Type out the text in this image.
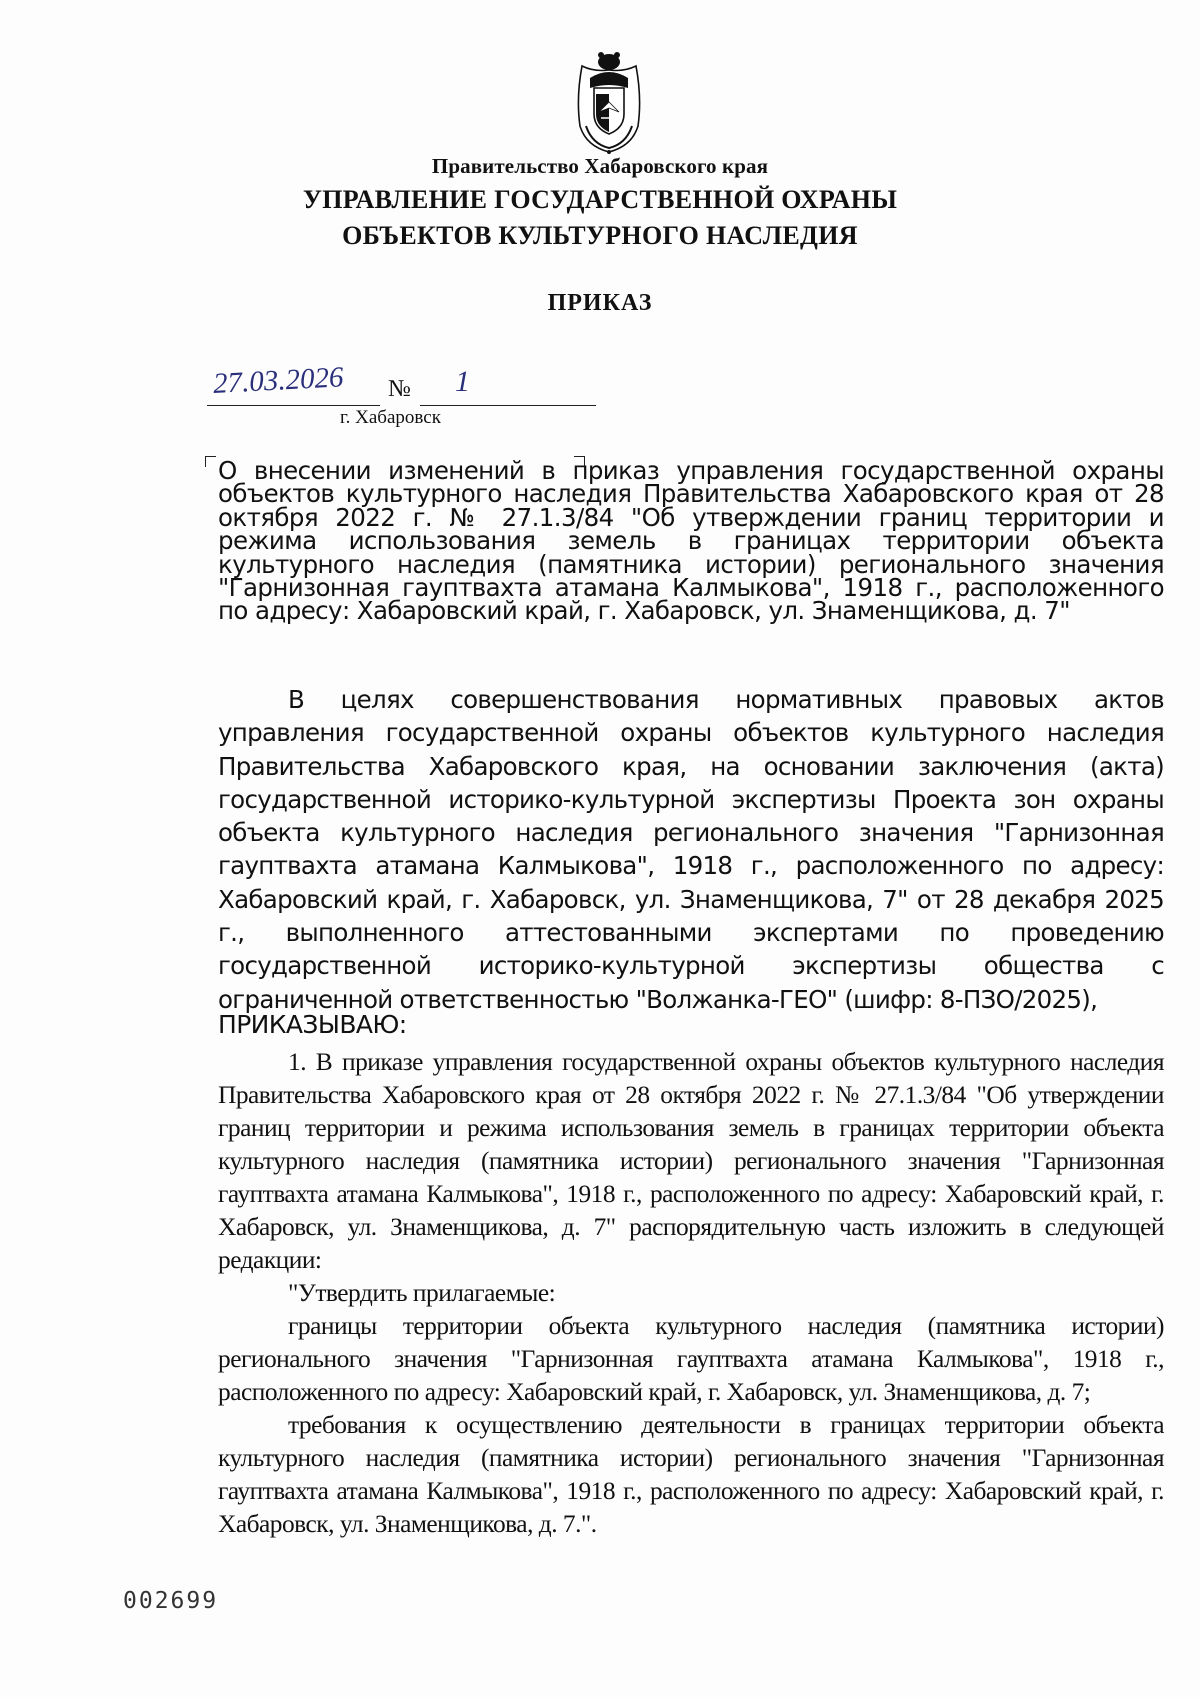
Правительство Хабаровского края
УПРАВЛЕНИЕ ГОСУДАРСТВЕННОЙ ОХРАНЫ
ОБЪЕКТОВ КУЛЬТУРНОГО НАСЛЕДИЯ
ПРИКАЗ
27.03.2026 № 1
г. Хабаровск
О внесении изменений в приказ управления государственной охраны объектов культурного наследия Правительства Хабаровского края от 28 октября 2022 г. № 27.1.3/84 "Об утверждении границ территории и режима использования земель в границах территории объекта культурного наследия (памятника истории) регионального значения "Гарнизонная гауптвахта атамана Калмыкова", 1918 г., расположенного по адресу: Хабаровский край, г. Хабаровск, ул. Знаменщикова, д. 7"

В целях совершенствования нормативных правовых актов управления государственной охраны объектов культурного наследия Правительства Хабаровского края, на основании заключения (акта) государственной историко-культурной экспертизы Проекта зон охраны объекта культурного наследия регионального значения "Гарнизонная гауптвахта атамана Калмыкова", 1918 г., расположенного по адресу: Хабаровский край, г. Хабаровск, ул. Знаменщикова, 7" от 28 декабря 2025 г., выполненного аттестованными экспертами по проведению государственной историко-культурной экспертизы общества с ограниченной ответственностью "Волжанка-ГЕО" (шифр: 8-ПЗО/2025),

ПРИКАЗЫВАЮ:

1. В приказе управления государственной охраны объектов культурного наследия Правительства Хабаровского края от 28 октября 2022 г. № 27.1.3/84 "Об утверждении границ территории и режима использования земель в границах территории объекта культурного наследия (памятника истории) регионального значения "Гарнизонная гауптвахта атамана Калмыкова", 1918 г., расположенного по адресу: Хабаровский край, г. Хабаровск, ул. Знаменщикова, д. 7" распорядительную часть изложить в следующей редакции:

"Утвердить прилагаемые:

границы территории объекта культурного наследия (памятника истории) регионального значения "Гарнизонная гауптвахта атамана Калмыкова", 1918 г., расположенного по адресу: Хабаровский край, г. Хабаровск, ул. Знаменщикова, д. 7;

требования к осуществлению деятельности в границах территории объекта культурного наследия (памятника истории) регионального значения "Гарнизонная гауптвахта атамана Калмыкова", 1918 г., расположенного по адресу: Хабаровский край, г. Хабаровск, ул. Знаменщикова, д. 7.".

002699
